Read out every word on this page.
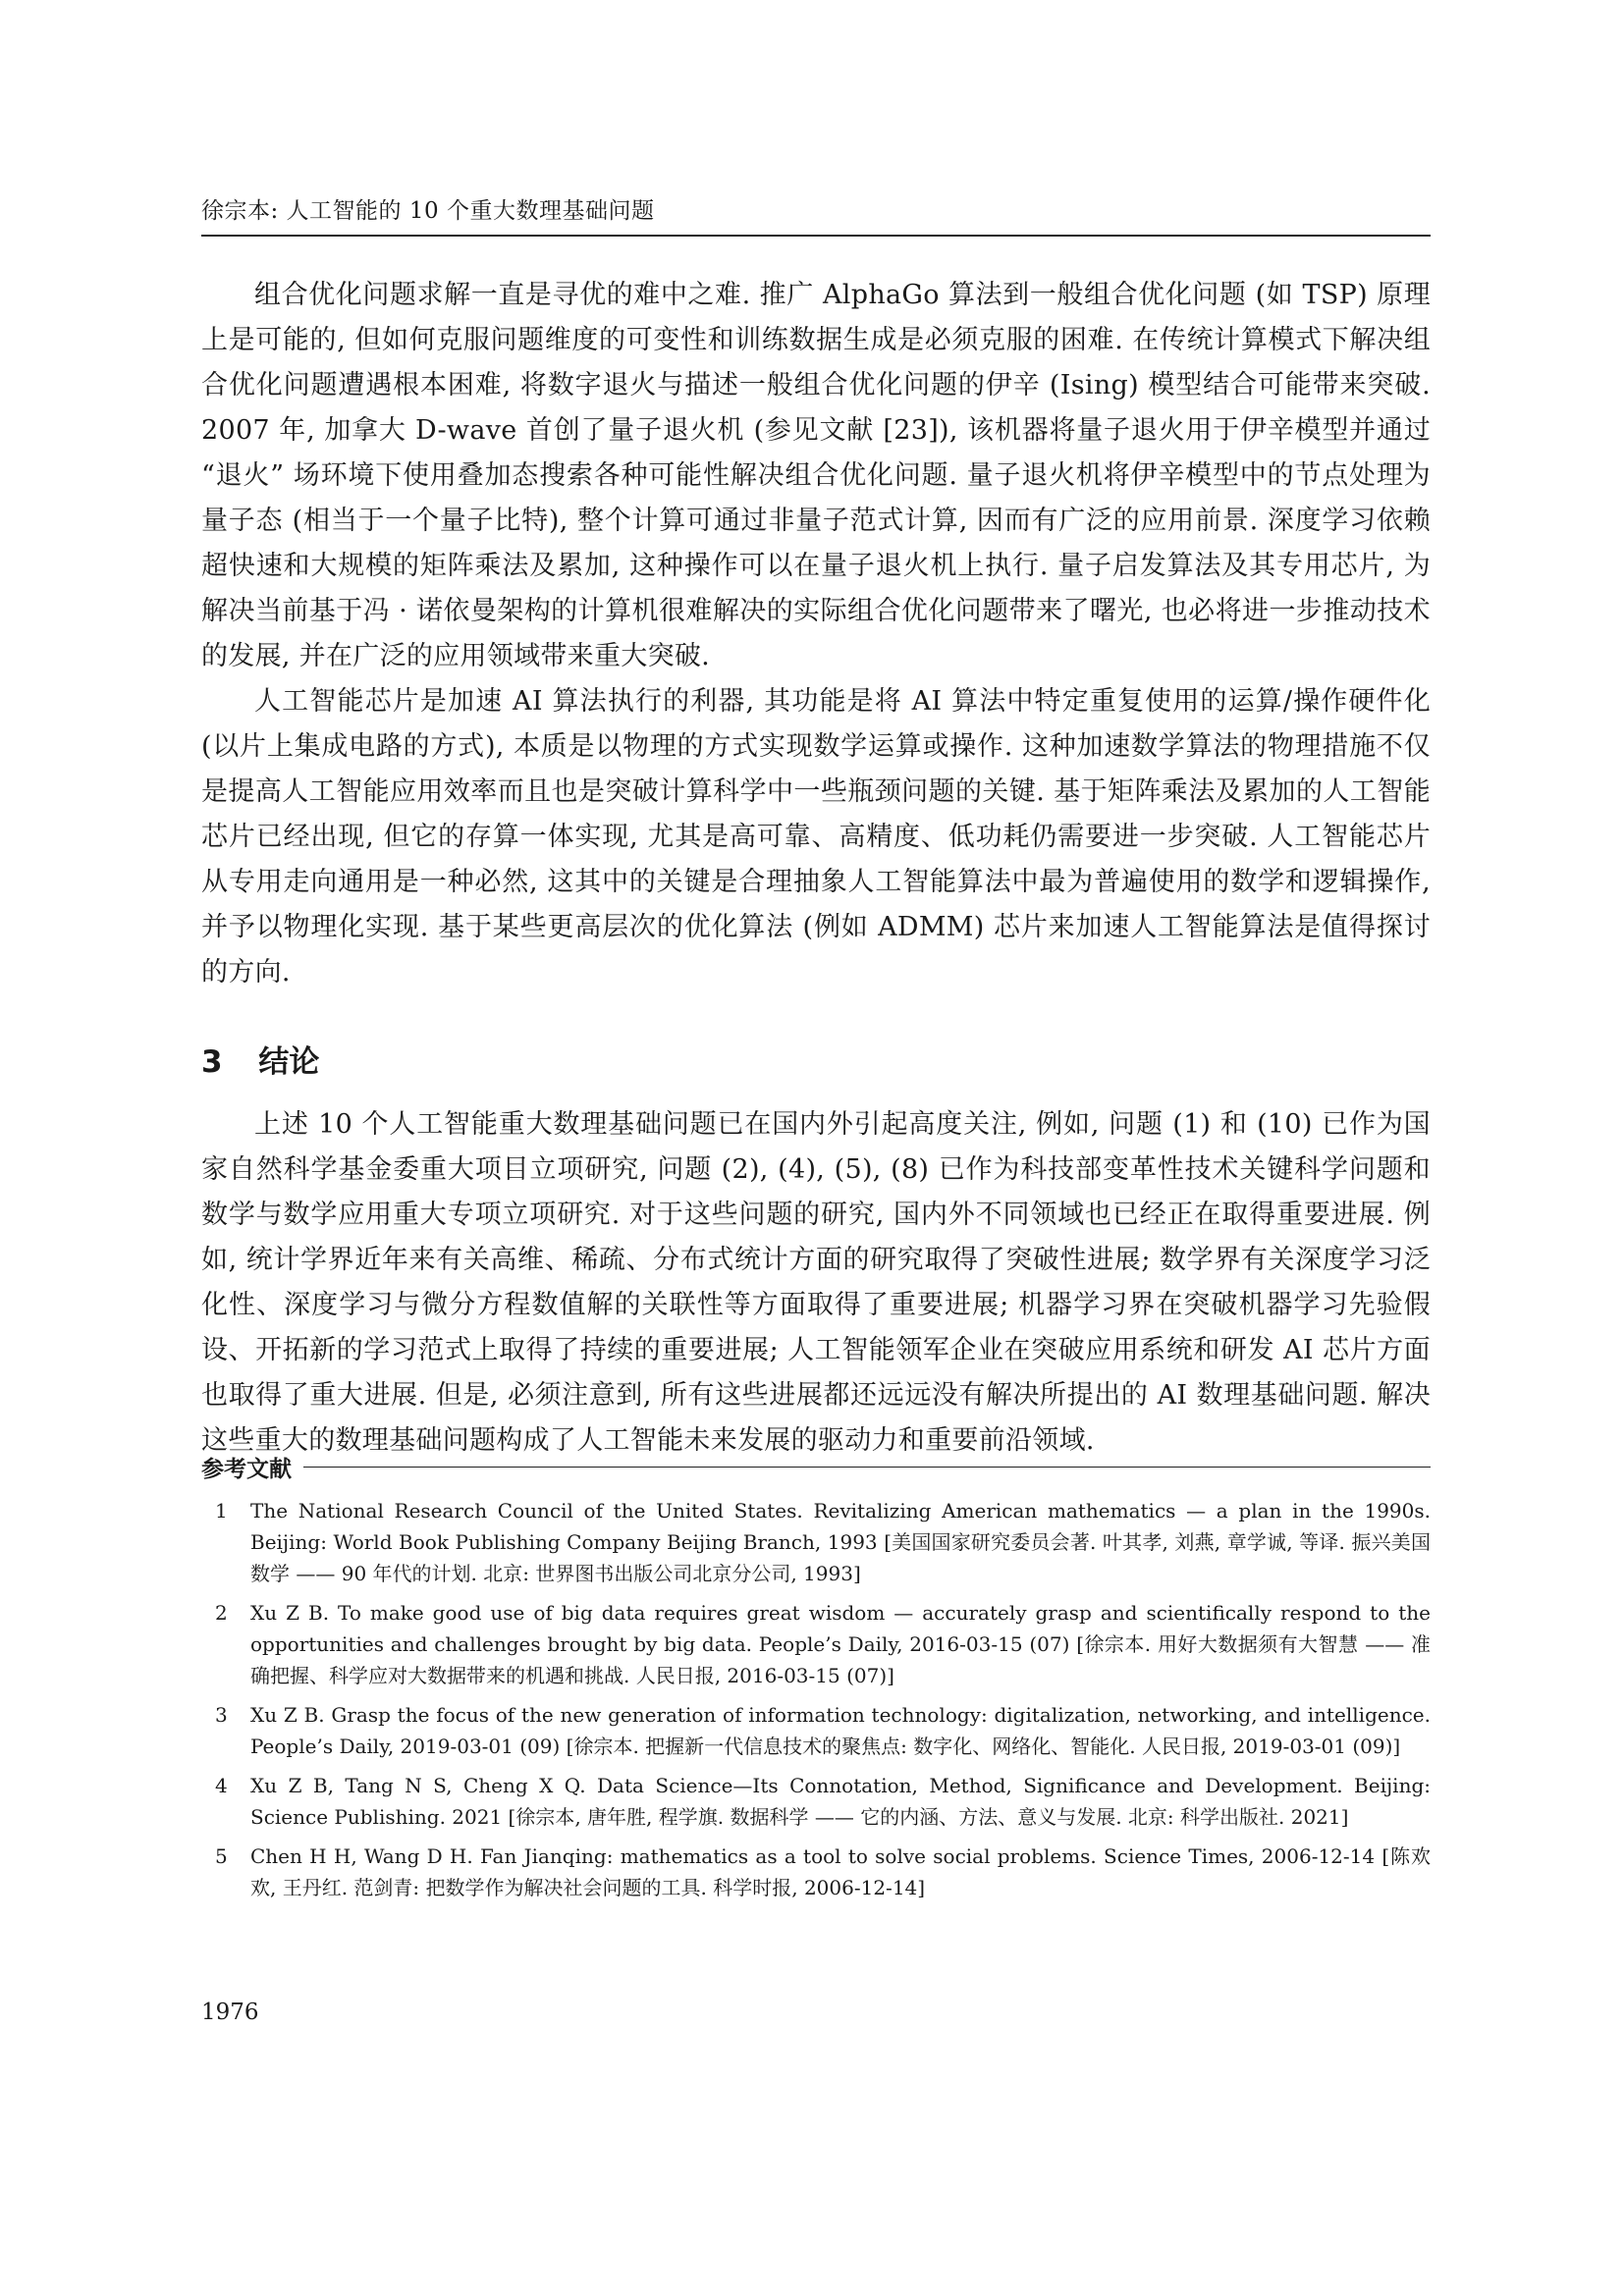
徐宗本: 人工智能的 10 个重大数理基础问题

组合优化问题求解一直是寻优的难中之难. 推广 AlphaGo 算法到一般组合优化问题 (如 TSP) 原理上是可能的, 但如何克服问题维度的可变性和训练数据生成是必须克服的困难. 在传统计算模式下解决组合优化问题遭遇根本困难, 将数字退火与描述一般组合优化问题的伊辛 (Ising) 模型结合可能带来突破. 2007 年, 加拿大 D-wave 首创了量子退火机 (参见文献 [23]), 该机器将量子退火用于伊辛模型并通过 “退火” 场环境下使用叠加态搜索各种可能性解决组合优化问题. 量子退火机将伊辛模型中的节点处理为量子态 (相当于一个量子比特), 整个计算可通过非量子范式计算, 因而有广泛的应用前景. 深度学习依赖超快速和大规模的矩阵乘法及累加, 这种操作可以在量子退火机上执行. 量子启发算法及其专用芯片, 为解决当前基于冯 · 诺依曼架构的计算机很难解决的实际组合优化问题带来了曙光, 也必将进一步推动技术的发展, 并在广泛的应用领域带来重大突破.

人工智能芯片是加速 AI 算法执行的利器, 其功能是将 AI 算法中特定重复使用的运算/操作硬件化 (以片上集成电路的方式), 本质是以物理的方式实现数学运算或操作. 这种加速数学算法的物理措施不仅是提高人工智能应用效率而且也是突破计算科学中一些瓶颈问题的关键. 基于矩阵乘法及累加的人工智能芯片已经出现, 但它的存算一体实现, 尤其是高可靠、高精度、低功耗仍需要进一步突破. 人工智能芯片从专用走向通用是一种必然, 这其中的关键是合理抽象人工智能算法中最为普遍使用的数学和逻辑操作, 并予以物理化实现. 基于某些更高层次的优化算法 (例如 ADMM) 芯片来加速人工智能算法是值得探讨的方向.

3 结论

上述 10 个人工智能重大数理基础问题已在国内外引起高度关注, 例如, 问题 (1) 和 (10) 已作为国家自然科学基金委重大项目立项研究, 问题 (2), (4), (5), (8) 已作为科技部变革性技术关键科学问题和数学与数学应用重大专项立项研究. 对于这些问题的研究, 国内外不同领域也已经正在取得重要进展. 例如, 统计学界近年来有关高维、稀疏、分布式统计方面的研究取得了突破性进展; 数学界有关深度学习泛化性、深度学习与微分方程数值解的关联性等方面取得了重要进展; 机器学习界在突破机器学习先验假设、开拓新的学习范式上取得了持续的重要进展; 人工智能领军企业在突破应用系统和研发 AI 芯片方面也取得了重大进展. 但是, 必须注意到, 所有这些进展都还远远没有解决所提出的 AI 数理基础问题. 解决这些重大的数理基础问题构成了人工智能未来发展的驱动力和重要前沿领域.

参考文献
1	The National Research Council of the United States. Revitalizing American mathematics — a plan in the 1990s. Beijing: World Book Publishing Company Beijing Branch, 1993 [美国国家研究委员会著. 叶其孝, 刘燕, 章学诚, 等译. 振兴美国数学 —— 90 年代的计划. 北京: 世界图书出版公司北京分公司, 1993]
2	Xu Z B. To make good use of big data requires great wisdom — accurately grasp and scientifically respond to the opportunities and challenges brought by big data. People’s Daily, 2016-03-15 (07) [徐宗本. 用好大数据须有大智慧 —— 准确把握、科学应对大数据带来的机遇和挑战. 人民日报, 2016-03-15 (07)]
3	Xu Z B. Grasp the focus of the new generation of information technology: digitalization, networking, and intelligence. People’s Daily, 2019-03-01 (09) [徐宗本. 把握新一代信息技术的聚焦点: 数字化、网络化、智能化. 人民日报, 2019-03-01 (09)]
4	Xu Z B, Tang N S, Cheng X Q. Data Science—Its Connotation, Method, Significance and Development. Beijing: Science Publishing. 2021 [徐宗本, 唐年胜, 程学旗. 数据科学 —— 它的内涵、方法、意义与发展. 北京: 科学出版社. 2021]
5	Chen H H, Wang D H. Fan Jianqing: mathematics as a tool to solve social problems. Science Times, 2006-12-14 [陈欢欢, 王丹红. 范剑青: 把数学作为解决社会问题的工具. 科学时报, 2006-12-14]
1976
